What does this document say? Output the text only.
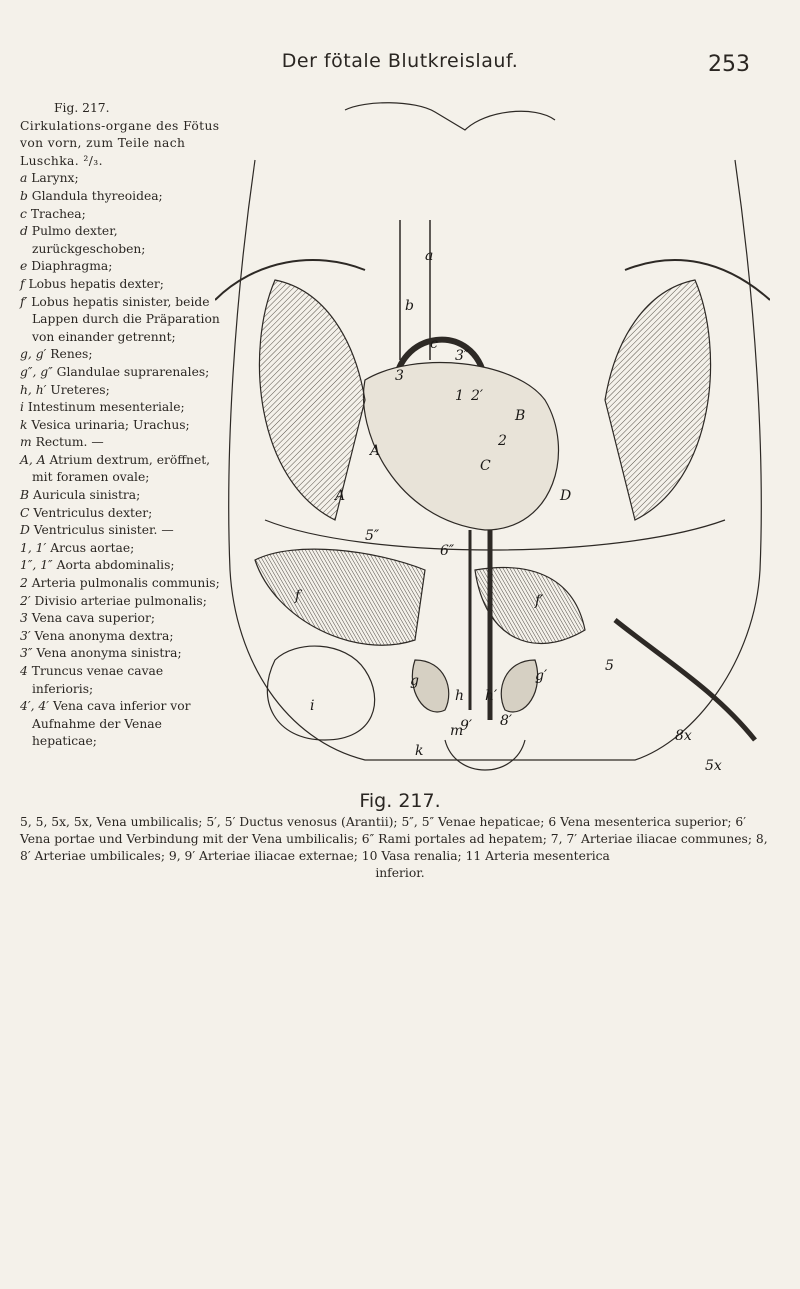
Der fötale Blutkreislauf.	253
Fig. 217.
Cirkulations-organe des Fötus von vorn, zum Teile nach Luschka. ²/₃.

a Larynx;

b Glandula thyreoidea;

c Trachea;

d Pulmo dexter, zurückgeschoben;

e Diaphragma;

f Lobus hepatis dexter;

f′ Lobus hepatis sinister, beide Lappen durch die Präparation von einander getrennt;

g, g′ Renes;

g″, g″ Glandulae suprarenales;

h, h′ Ureteres;

i Intestinum mesenteriale;

k Vesica urinaria; Urachus;

m Rectum. —

A, A Atrium dextrum, eröffnet, mit foramen ovale;

B Auricula sinistra;

C Ventriculus dexter;

D Ventriculus sinister. —

1, 1′ Arcus aortae;

1″, 1″ Aorta abdominalis;

2 Arteria pulmonalis communis;

2′ Divisio arteriae pulmonalis;

3 Vena cava superior;

3′ Vena anonyma dextra;

3″ Vena anonyma sinistra;

4 Truncus venae cavae inferioris;

4′, 4′ Vena cava inferior vor Aufnahme der Venae hepaticae;

a
b
c
A
A
B
C
D
f	f′
g	g′
h h′
i
m
k
3″
3
1
2
2′
5″
6″
9′ 8′
5
8x
5x
Fig. 217.
5, 5, 5x, 5x, Vena umbilicalis; 5′, 5′ Ductus venosus (Arantii); 5″, 5″ Venae hepaticae; 6 Vena mesenterica superior; 6′ Vena portae und Verbindung mit der Vena umbilicalis; 6″ Rami portales ad hepatem; 7, 7′ Arteriae iliacae communes; 8, 8′ Arteriae umbilicales; 9, 9′ Arteriae iliacae externae; 10 Vasa renalia; 11 Arteria mesenterica
inferior.
